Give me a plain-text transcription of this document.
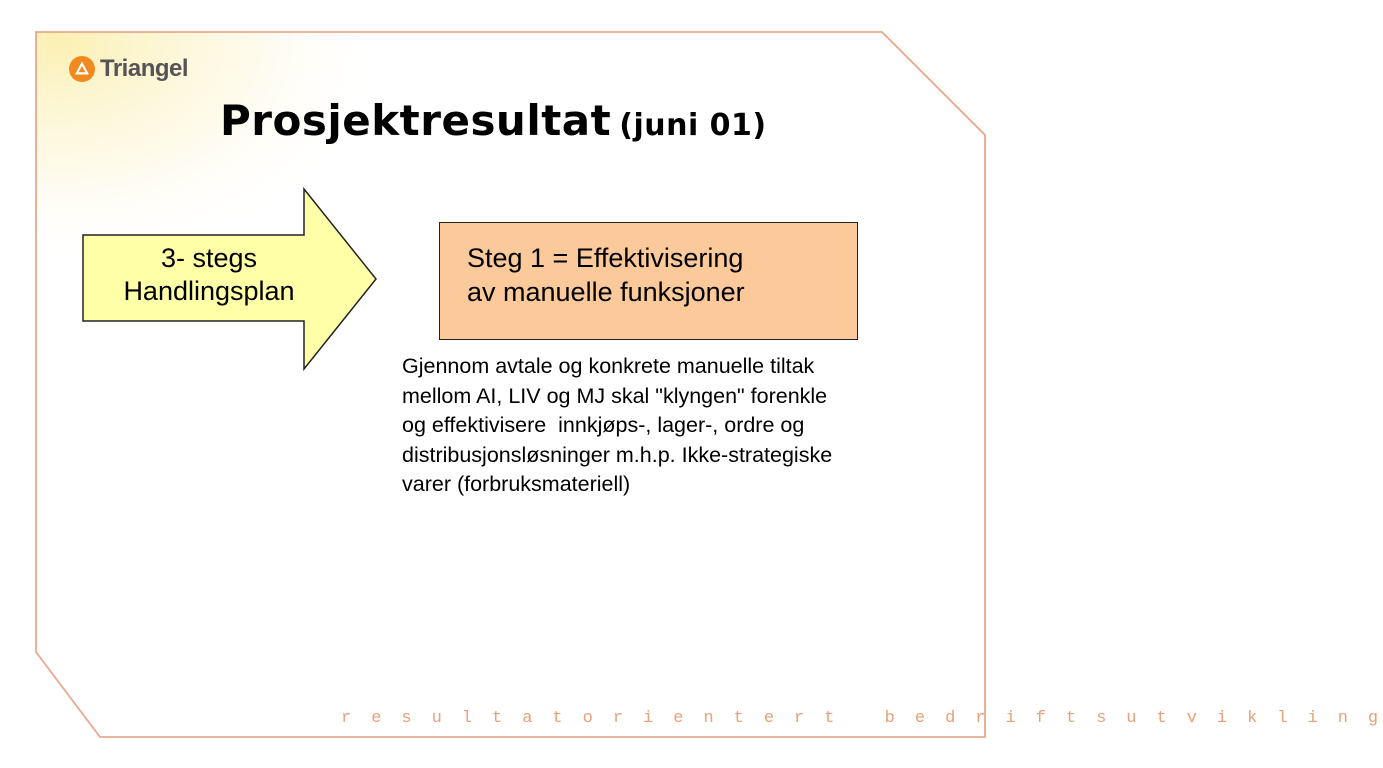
Triangel
Prosjektresultat (juni 01)
3- stegs
Handlingsplan
Steg 1 = Effektivisering
av manuelle funksjoner

Gjennom avtale og konkrete manuelle tiltak
mellom AI, LIV og MJ skal "klyngen" forenkle
og effektivisere  innkjøps-, lager-, ordre og
distribusjonsløsninger m.h.p. Ikke-strategiske
varer (forbruksmateriell)

r e s u l t a t o r i e n t e r t   b e d r i f t s u t v i k l i n g
